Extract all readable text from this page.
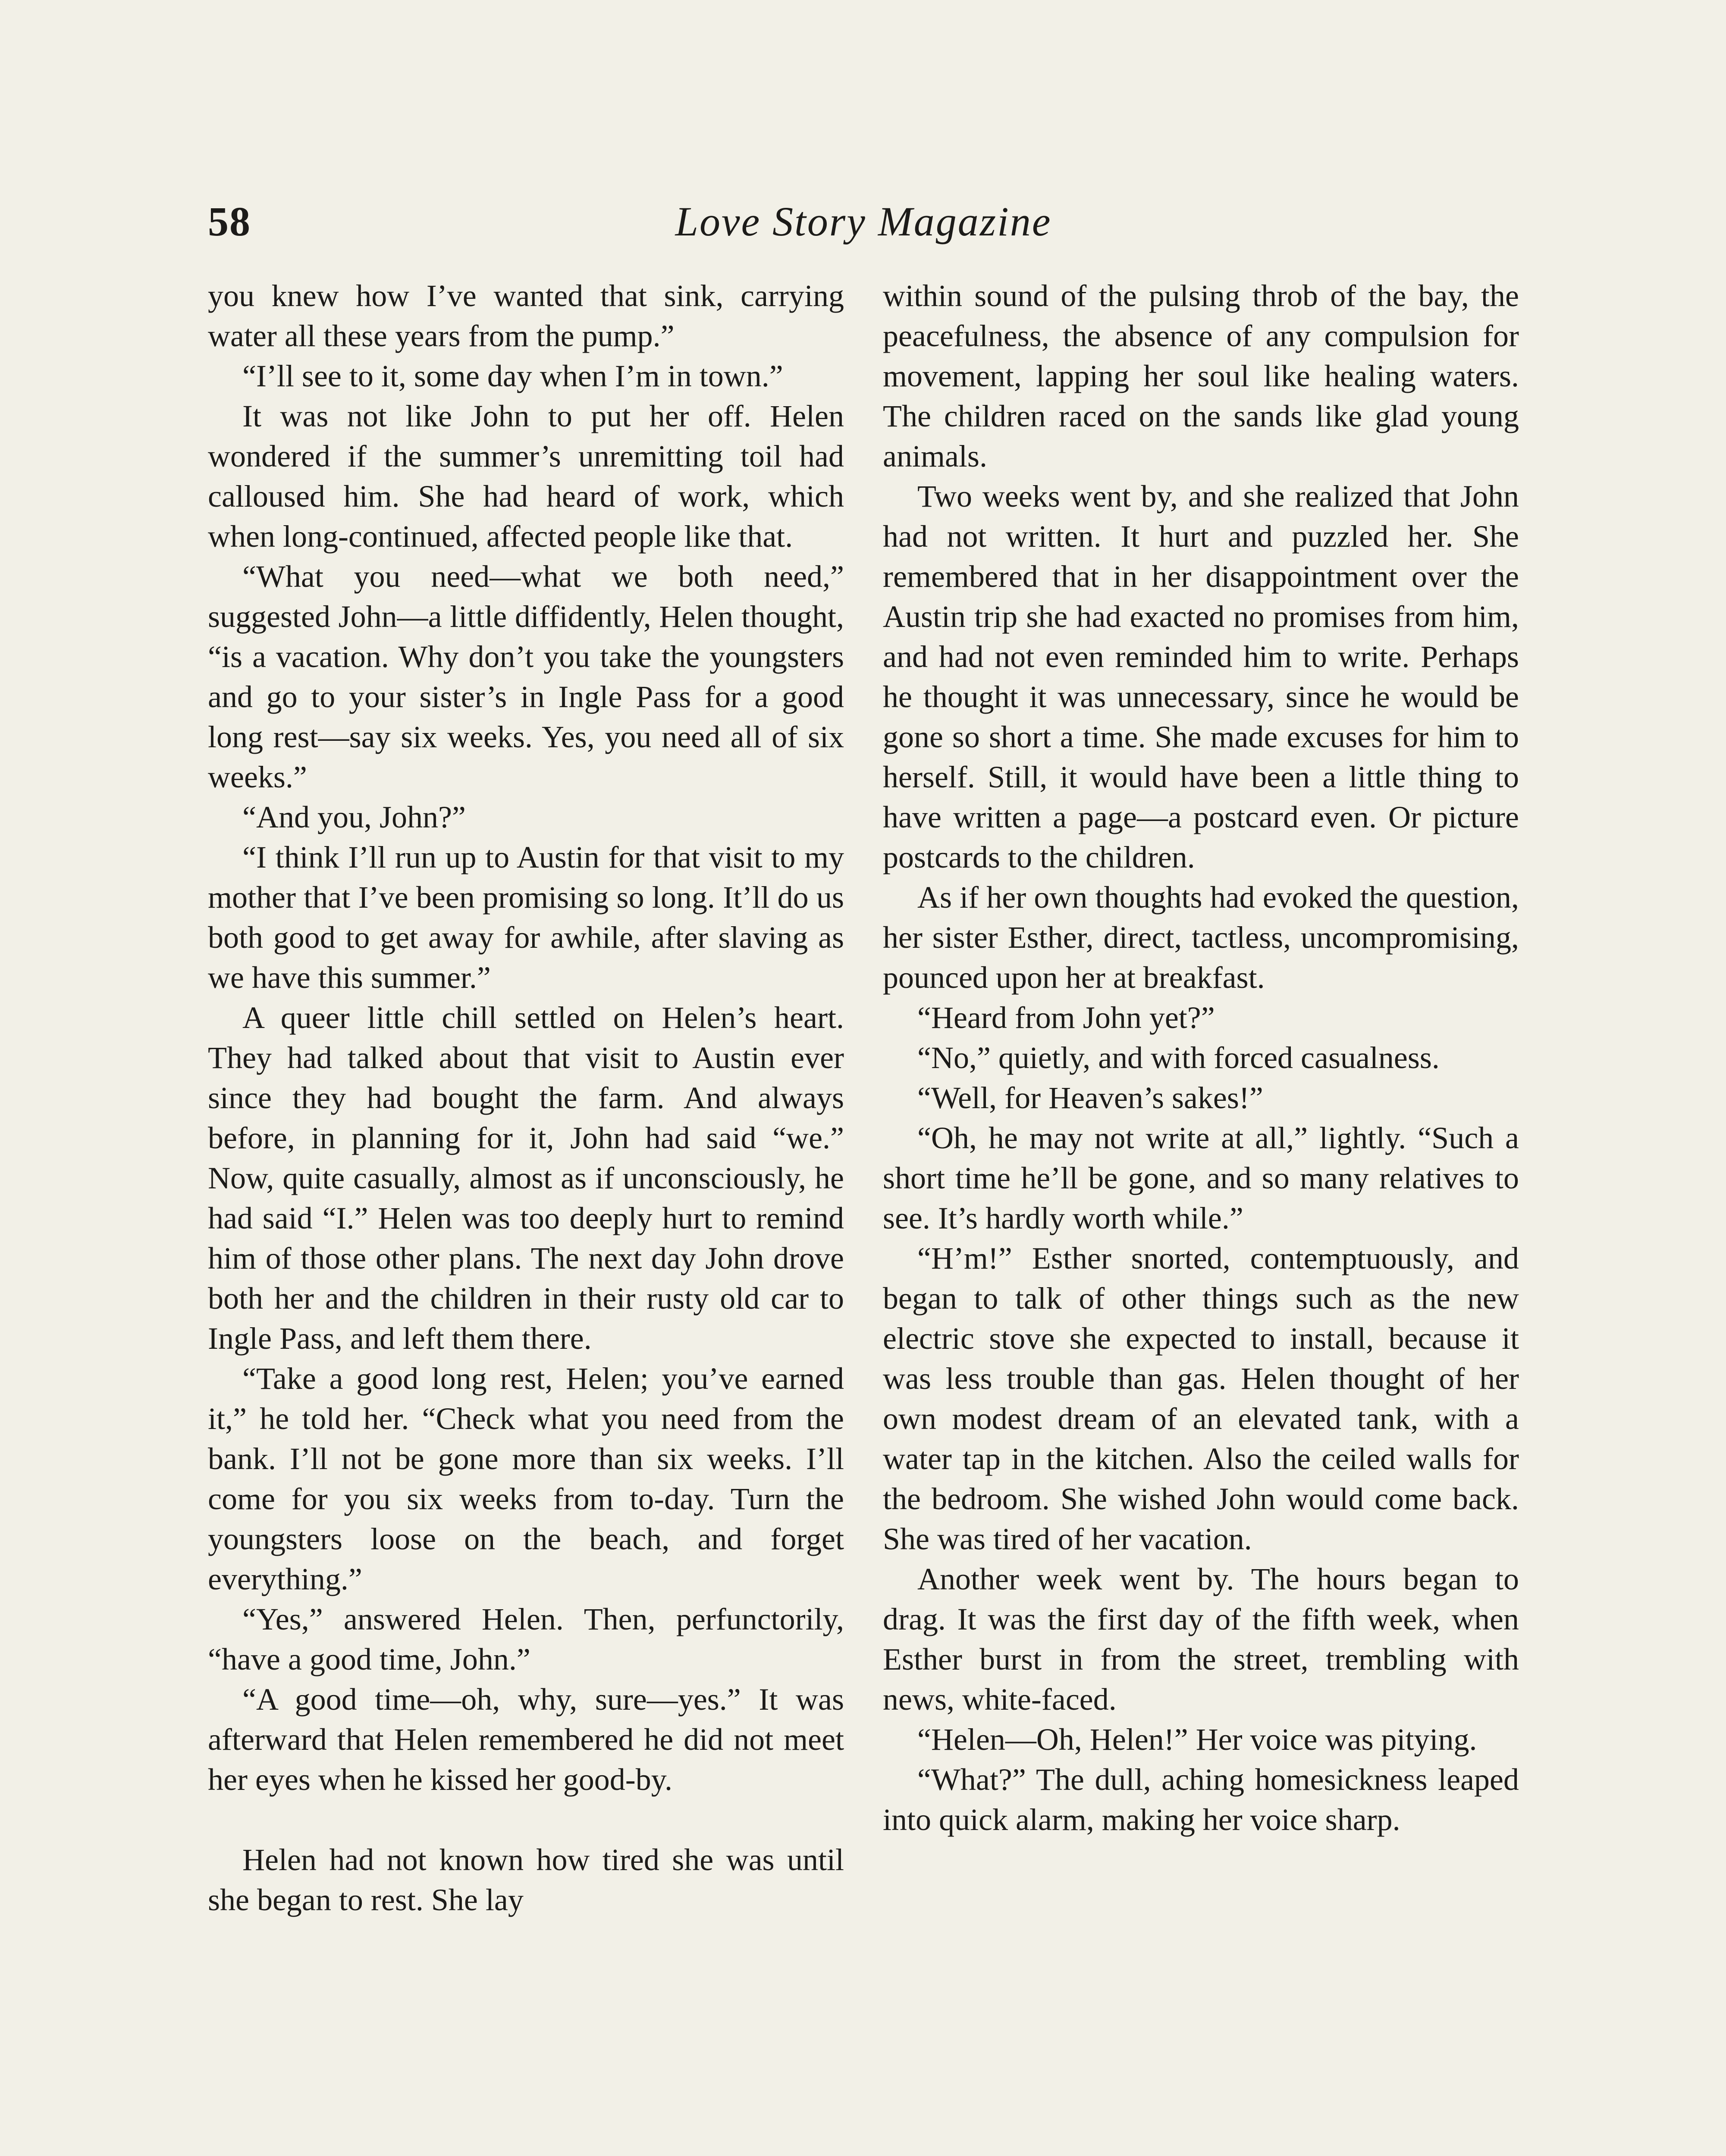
58	Love Story Magazine

you knew how I’ve wanted that sink, carrying water all these years from the pump.”

“I’ll see to it, some day when I’m in town.”

It was not like John to put her off. Helen wondered if the summer’s unremitting toil had calloused him. She had heard of work, which when long-continued, affected people like that.

“What you need—what we both need,” suggested John—a little diffidently, Helen thought, “is a vacation. Why don’t you take the youngsters and go to your sister’s in Ingle Pass for a good long rest—say six weeks. Yes, you need all of six weeks.”

“And you, John?”

“I think I’ll run up to Austin for that visit to my mother that I’ve been promising so long. It’ll do us both good to get away for awhile, after slaving as we have this summer.”

A queer little chill settled on Helen’s heart. They had talked about that visit to Austin ever since they had bought the farm. And always before, in planning for it, John had said “we.” Now, quite casually, almost as if unconsciously, he had said “I.” Helen was too deeply hurt to remind him of those other plans. The next day John drove both her and the children in their rusty old car to Ingle Pass, and left them there.

“Take a good long rest, Helen; you’ve earned it,” he told her. “Check what you need from the bank. I’ll not be gone more than six weeks. I’ll come for you six weeks from to-day. Turn the youngsters loose on the beach, and forget everything.”

“Yes,” answered Helen. Then, perfunctorily, “have a good time, John.”

“A good time—oh, why, sure—yes.” It was afterward that Helen remembered he did not meet her eyes when he kissed her good-by.

Helen had not known how tired she was until she began to rest. She lay

within sound of the pulsing throb of the bay, the peacefulness, the absence of any compulsion for movement, lapping her soul like healing waters. The children raced on the sands like glad young animals.

Two weeks went by, and she realized that John had not written. It hurt and puzzled her. She remembered that in her disappointment over the Austin trip she had exacted no promises from him, and had not even reminded him to write. Perhaps he thought it was unnecessary, since he would be gone so short a time. She made excuses for him to herself. Still, it would have been a little thing to have written a page—a postcard even. Or picture postcards to the children.

As if her own thoughts had evoked the question, her sister Esther, direct, tactless, uncompromising, pounced upon her at breakfast.

“Heard from John yet?”

“No,” quietly, and with forced casualness.

“Well, for Heaven’s sakes!”

“Oh, he may not write at all,” lightly. “Such a short time he’ll be gone, and so many relatives to see. It’s hardly worth while.”

“H’m!” Esther snorted, contemptuously, and began to talk of other things such as the new electric stove she expected to install, because it was less trouble than gas. Helen thought of her own modest dream of an elevated tank, with a water tap in the kitchen. Also the ceiled walls for the bedroom. She wished John would come back. She was tired of her vacation.

Another week went by. The hours began to drag. It was the first day of the fifth week, when Esther burst in from the street, trembling with news, white-faced.

“Helen—Oh, Helen!” Her voice was pitying.

“What?” The dull, aching homesickness leaped into quick alarm, making her voice sharp.
